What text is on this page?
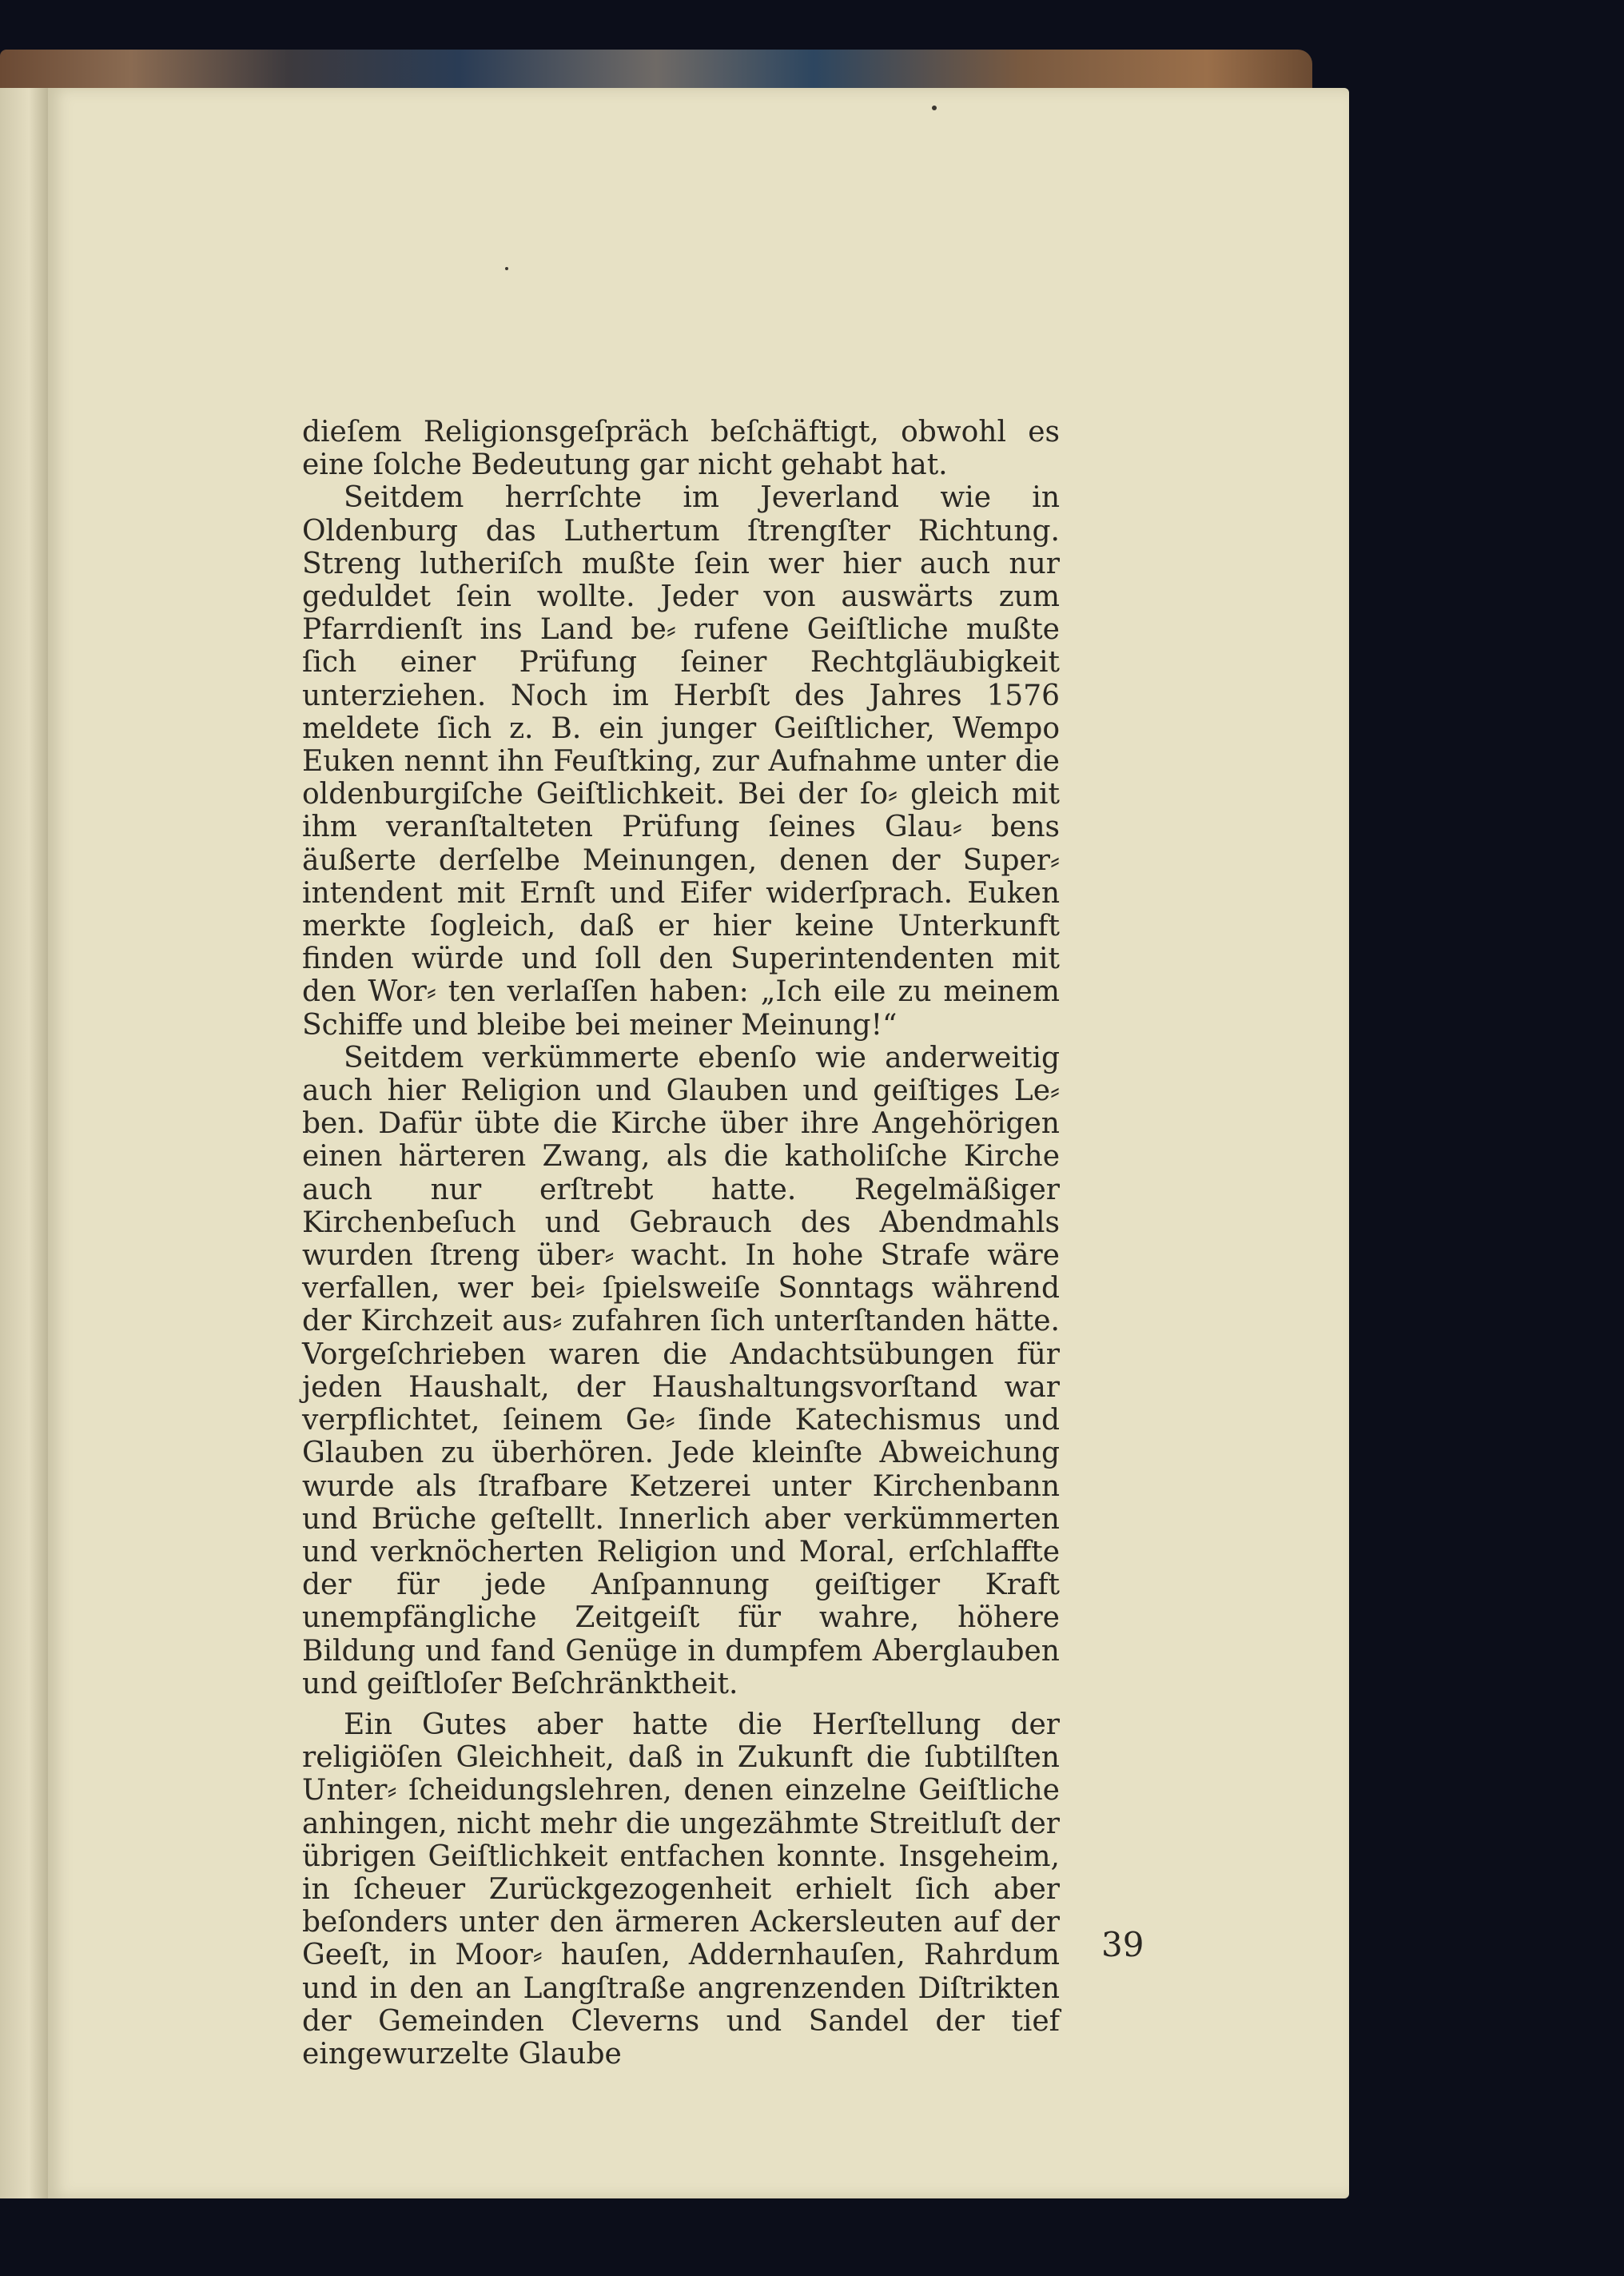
dieſem Religionsgeſpräch beſchäftigt, obwohl es eine ſolche Bedeutung gar nicht gehabt hat.

Seitdem herrſchte im Jeverland wie in Oldenburg das Luthertum ſtrengſter Richtung. Streng lutheriſch mußte ſein wer hier auch nur geduldet ſein wollte. Jeder von auswärts zum Pfarrdienſt ins Land be⸗ rufene Geiſtliche mußte ſich einer Prüfung ſeiner Rechtgläubigkeit unterziehen. Noch im Herbſt des Jahres 1576 meldete ſich z. B. ein junger Geiſtlicher, Wempo Euken nennt ihn Feuſtking, zur Aufnahme unter die oldenburgiſche Geiſtlichkeit. Bei der ſo⸗ gleich mit ihm veranſtalteten Prüfung ſeines Glau⸗ bens äußerte derſelbe Meinungen, denen der Super⸗ intendent mit Ernſt und Eifer widerſprach. Euken merkte ſogleich, daß er hier keine Unterkunft finden würde und ſoll den Superintendenten mit den Wor⸗ ten verlaſſen haben: „Ich eile zu meinem Schiffe und bleibe bei meiner Meinung!“

Seitdem verkümmerte ebenſo wie anderweitig auch hier Religion und Glauben und geiſtiges Le⸗ ben. Dafür übte die Kirche über ihre Angehörigen einen härteren Zwang, als die katholiſche Kirche auch nur erſtrebt hatte. Regelmäßiger Kirchenbeſuch und Gebrauch des Abendmahls wurden ſtreng über⸗ wacht. In hohe Strafe wäre verfallen, wer bei⸗ ſpielsweiſe Sonntags während der Kirchzeit aus⸗ zufahren ſich unterſtanden hätte. Vorgeſchrieben waren die Andachtsübungen für jeden Haushalt, der Haushaltungsvorſtand war verpflichtet, ſeinem Ge⸗ ſinde Katechismus und Glauben zu überhören. Jede kleinſte Abweichung wurde als ſtrafbare Ketzerei unter Kirchenbann und Brüche geſtellt. Innerlich aber verkümmerten und verknöcherten Religion und Moral, erſchlaffte der für jede Anſpannung geiſtiger Kraft unempfängliche Zeitgeiſt für wahre, höhere Bildung und fand Genüge in dumpfem Aberglauben und geiſtloſer Beſchränktheit.

Ein Gutes aber hatte die Herſtellung der religiöſen Gleichheit, daß in Zukunft die ſubtilſten Unter⸗ ſcheidungslehren, denen einzelne Geiſtliche anhingen, nicht mehr die ungezähmte Streitluſt der übrigen Geiſtlichkeit entfachen konnte. Insgeheim, in ſcheuer Zurückgezogenheit erhielt ſich aber beſonders unter den ärmeren Ackersleuten auf der Geeſt, in Moor⸗ hauſen, Addernhauſen, Rahrdum und in den an Langſtraße angrenzenden Diſtrikten der Gemeinden Cleverns und Sandel der tief eingewurzelte Glaube

39
